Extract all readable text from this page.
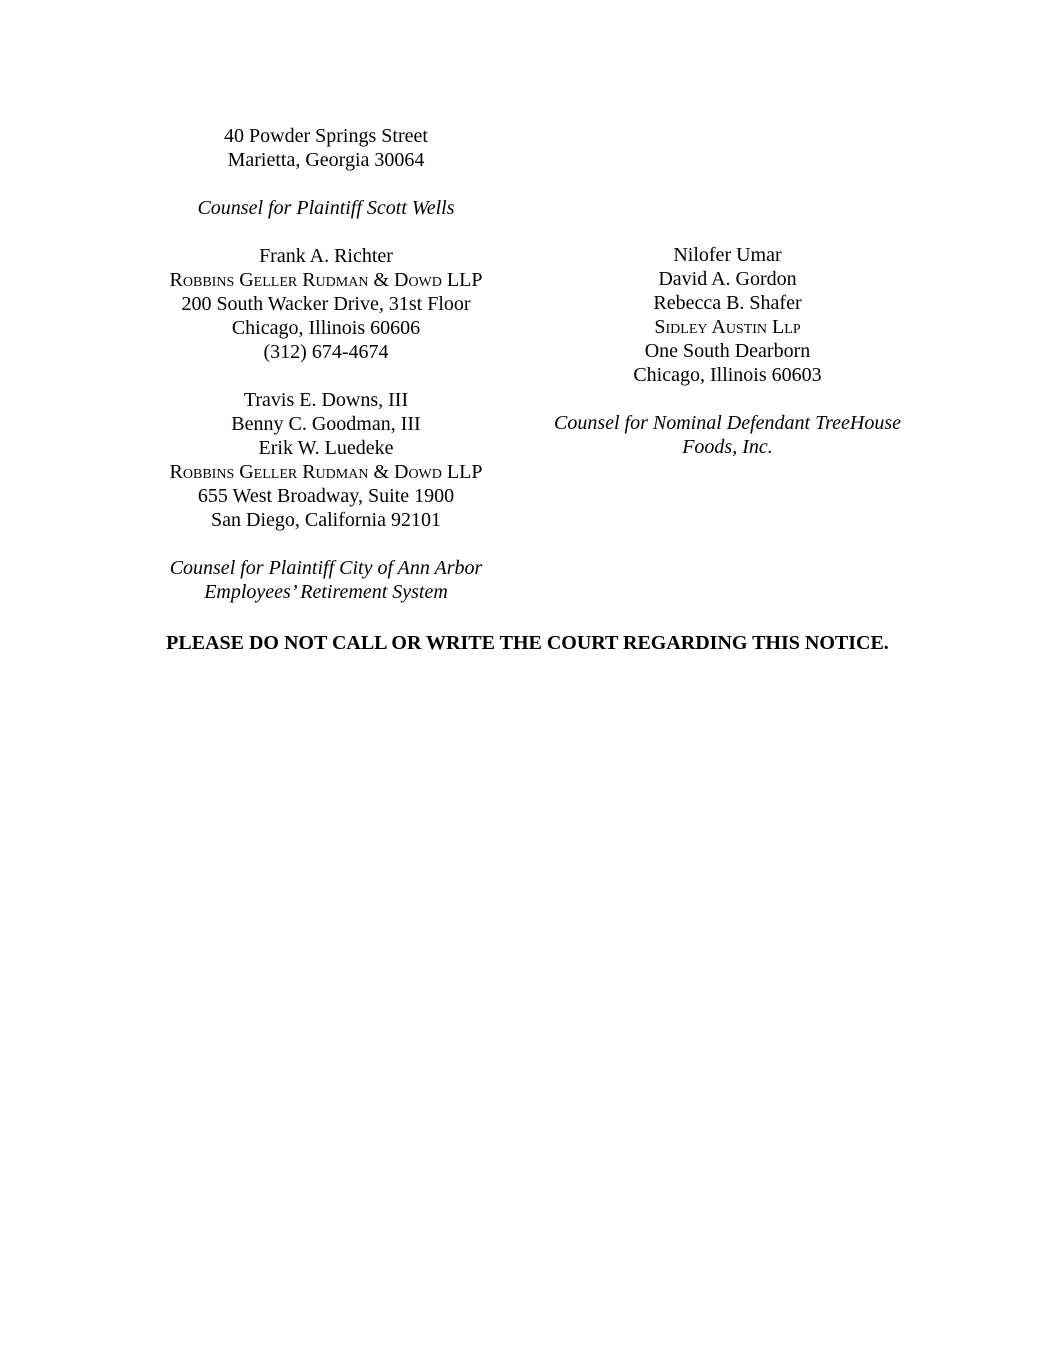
40 Powder Springs Street
Marietta, Georgia 30064
Counsel for Plaintiff Scott Wells
Frank A. Richter
Robbins Geller Rudman & Dowd LLP
200 South Wacker Drive, 31st Floor
Chicago, Illinois 60606
(312) 674-4674
Travis E. Downs, III
Benny C. Goodman, III
Erik W. Luedeke
Robbins Geller Rudman & Dowd LLP
655 West Broadway, Suite 1900
San Diego, California 92101
Counsel for Plaintiff City of Ann Arbor
Employees’ Retirement System
Nilofer Umar
David A. Gordon
Rebecca B. Shafer
Sidley Austin Llp
One South Dearborn
Chicago, Illinois 60603
Counsel for Nominal Defendant TreeHouse
Foods, Inc.
PLEASE DO NOT CALL OR WRITE THE COURT REGARDING THIS NOTICE.
